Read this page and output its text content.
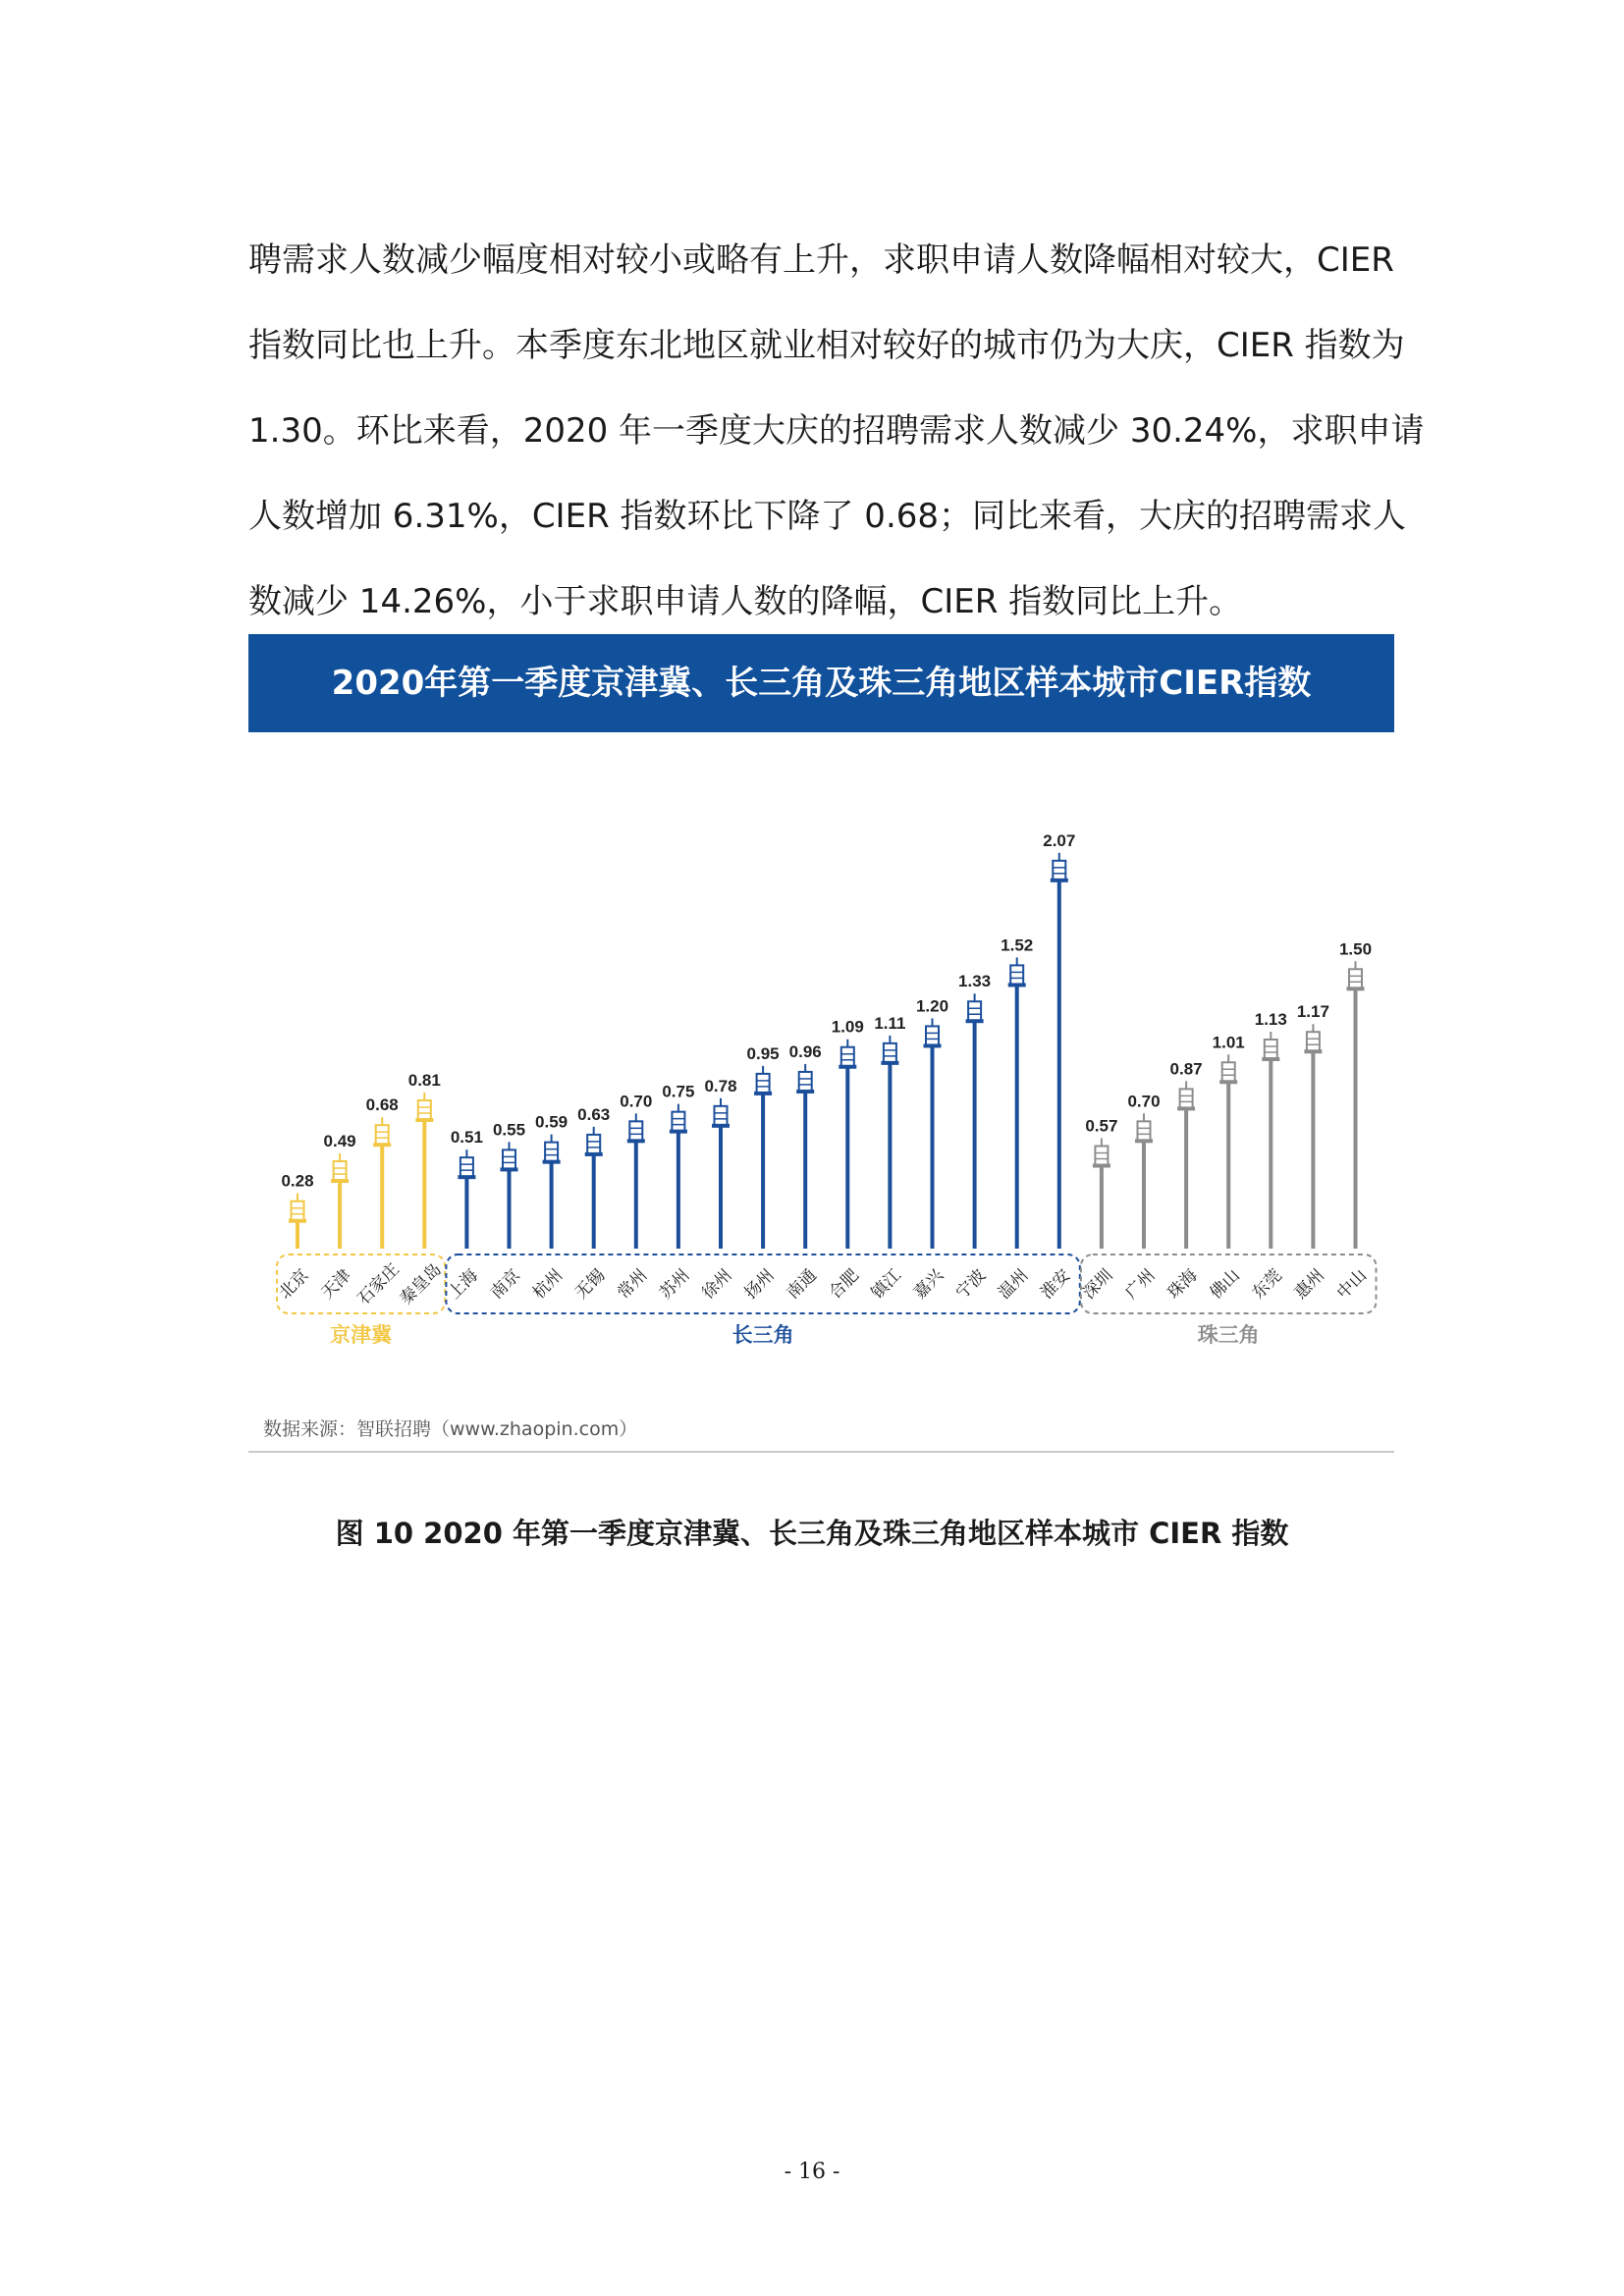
聘需求人数减少幅度相对较小或略有上升，求职申请人数降幅相对较大，CIER
指数同比也上升。本季度东北地区就业相对较好的城市仍为大庆，CIER 指数为
1.30。环比来看，2020 年一季度大庆的招聘需求人数减少 30.24%，求职申请
人数增加 6.31%，CIER 指数环比下降了 0.68；同比来看，大庆的招聘需求人
数减少 14.26%，小于求职申请人数的降幅，CIER 指数同比上升。
2020年第一季度京津冀、长三角及珠三角地区样本城市CIER指数
0.28
北京
0.49
天津
0.68
石家庄
0.81
秦皇岛
京津冀
0.51
上海
0.55
南京
0.59
杭州
0.63
无锡
0.70
常州
0.75
苏州
0.78
徐州
0.95
扬州
0.96
南通
1.09
合肥
1.11
镇江
1.20
嘉兴
1.33
宁波
1.52
温州
2.07
淮安
长三角
0.57
深圳
0.70
广州
0.87
珠海
1.01
佛山
1.13
东莞
1.17
惠州
1.50
中山
珠三角
数据来源：智联招聘（www.zhaopin.com）
图 10 2020 年第一季度京津冀、长三角及珠三角地区样本城市 CIER 指数
- 16 -
